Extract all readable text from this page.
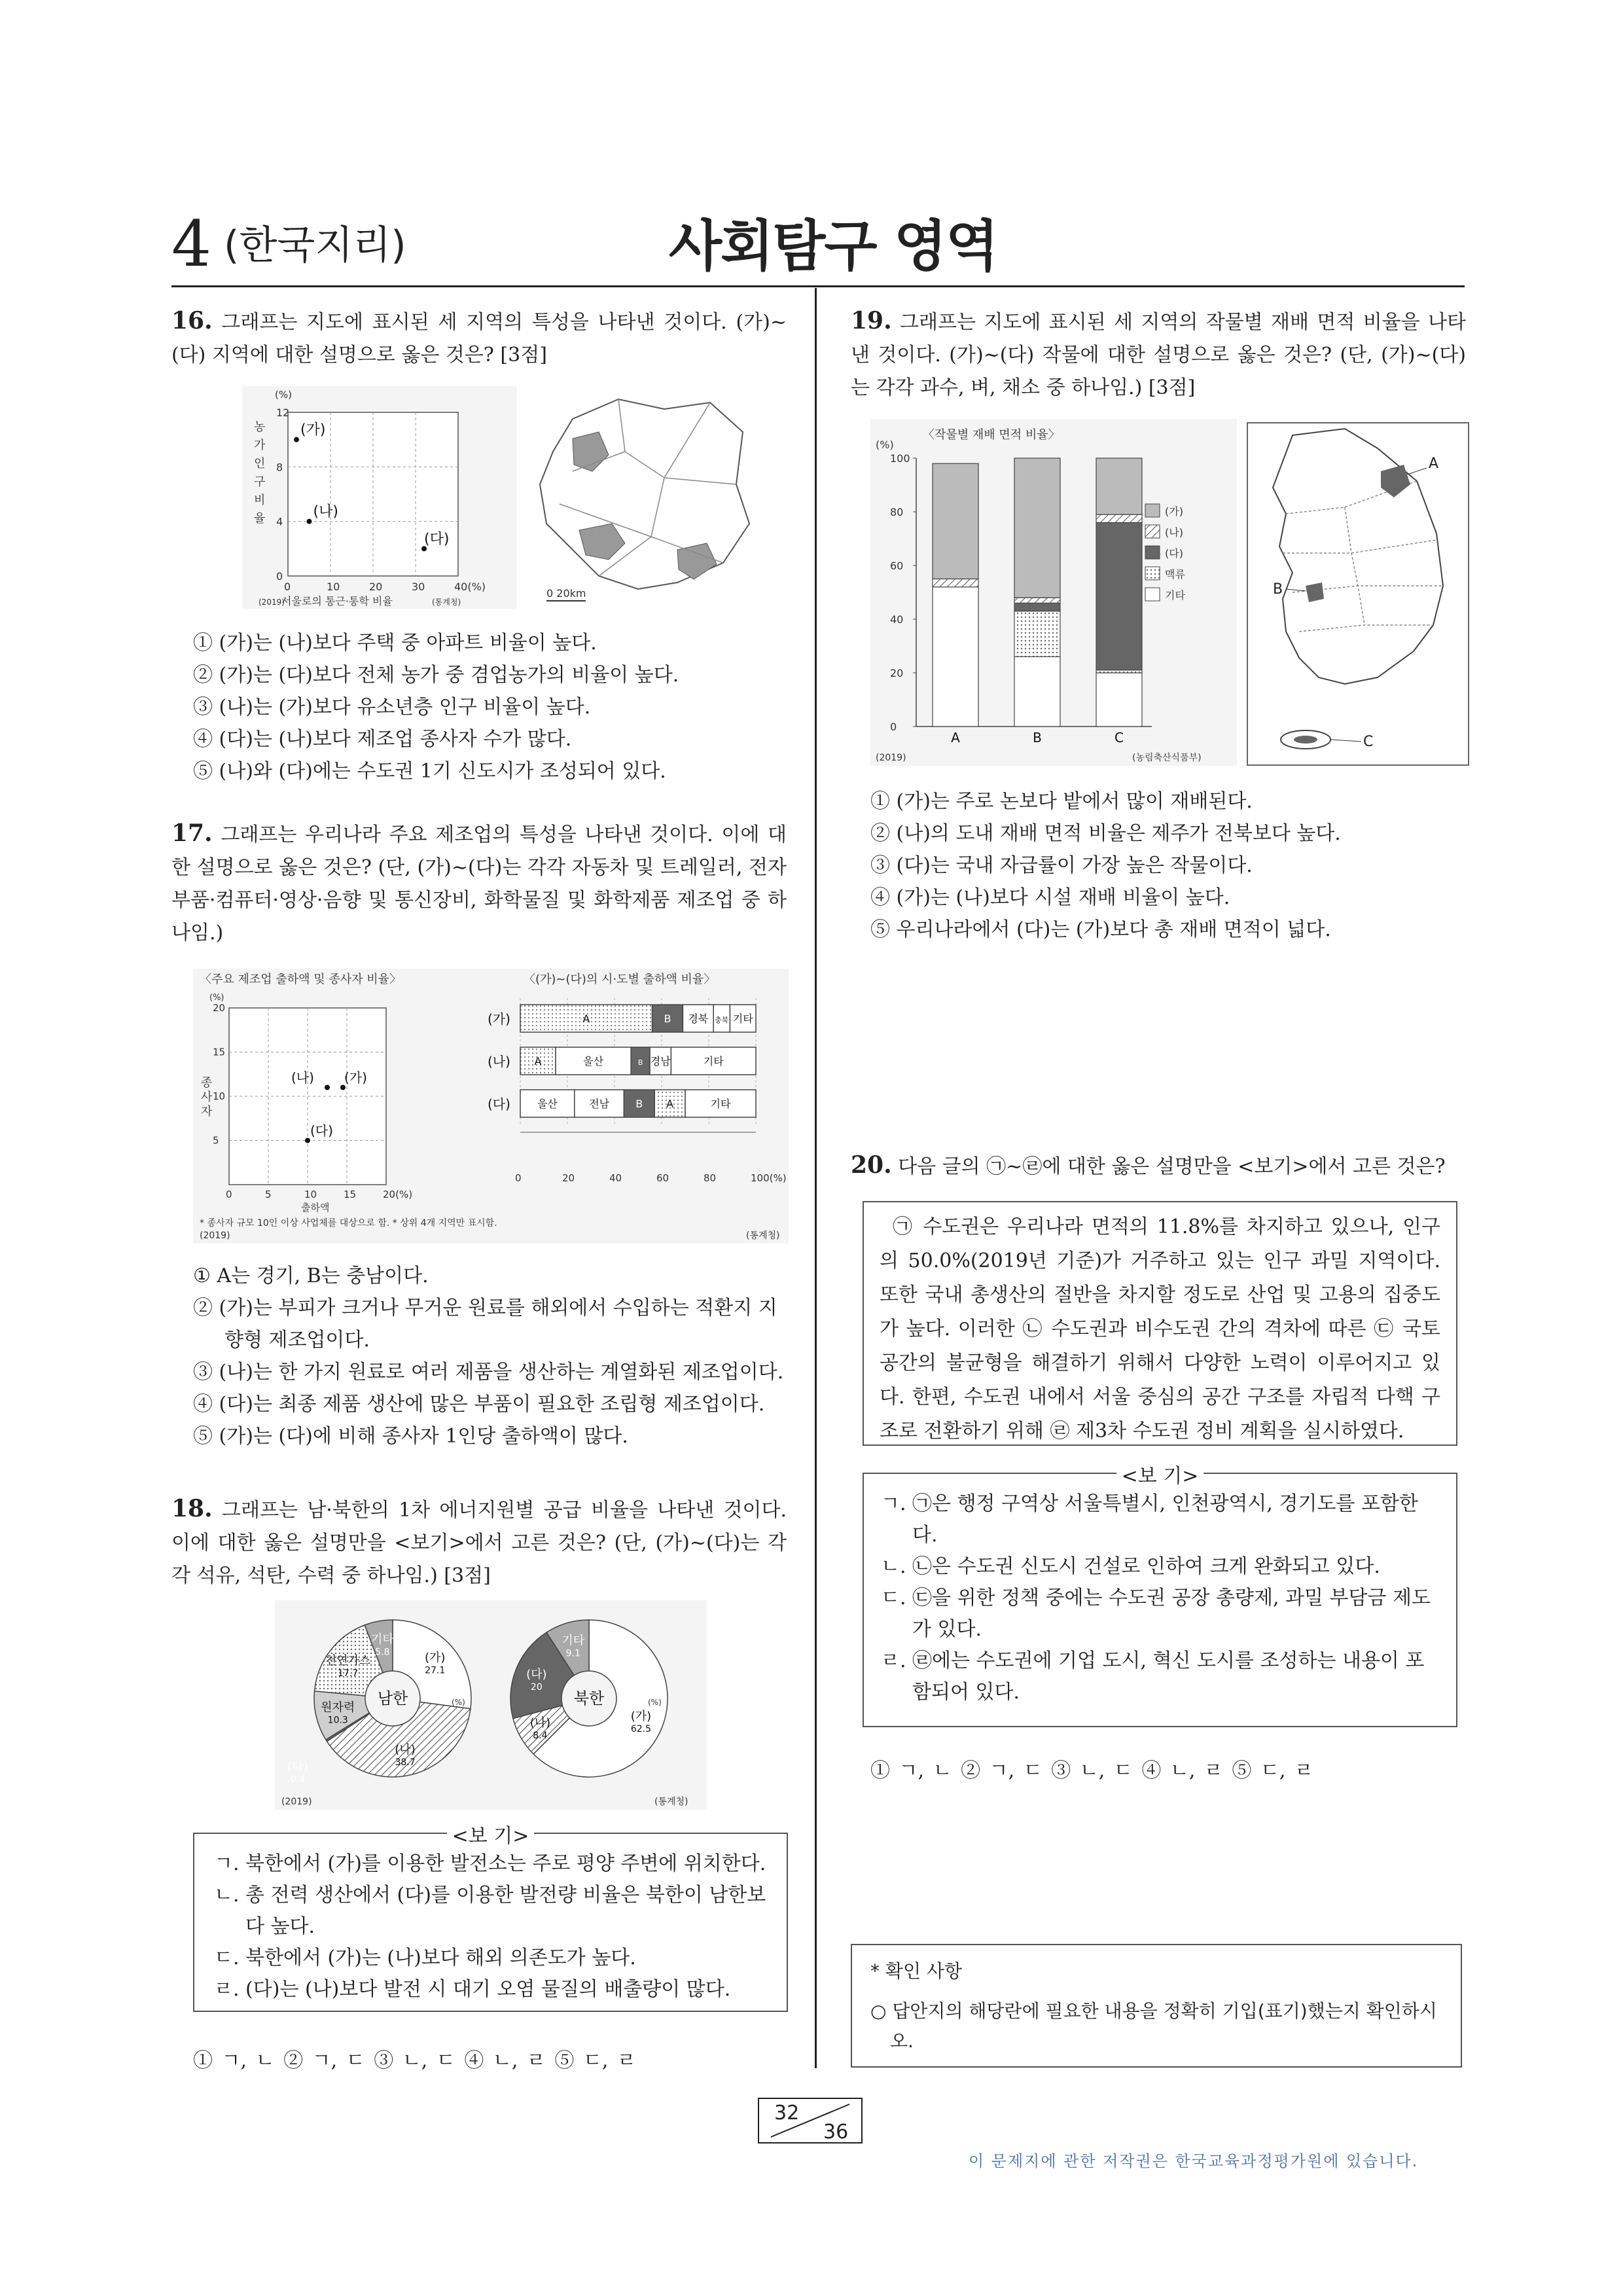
4 (한국지리)	사회탐구 영역
16. 그래프는 지도에 표시된 세 지역의 특성을 나타낸 것이다. (가)~(다) 지역에 대한 설명으로 옳은 것은? [3점]
0	10	20	30	40(%)
0
4
8
12
(%)
농
가
인
구
비
율
서울로의 통근·통학 비율
(2019)	(통계청)
(가)
(나)
(다)
0 20km
① (가)는 (나)보다 주택 중 아파트 비율이 높다.
② (가)는 (다)보다 전체 농가 중 겸업농가의 비율이 높다.
③ (나)는 (가)보다 유소년층 인구 비율이 높다.
④ (다)는 (나)보다 제조업 종사자 수가 많다.
⑤ (나)와 (다)에는 수도권 1기 신도시가 조성되어 있다.
17. 그래프는 우리나라 주요 제조업의 특성을 나타낸 것이다. 이에 대한 설명으로 옳은 것은? (단, (가)~(다)는 각각 자동차 및 트레일러, 전자 부품·컴퓨터·영상·음향 및 통신장비, 화학물질 및 화학제품 제조업 중 하나임.)
〈주요 제조업 출하액 및 종사자 비율〉	〈(가)~(다)의 시·도별 출하액 비율〉
0	5	10	15	20(%)
5
10
15
20
(%)
종
사
자
출하액
(나) (가)
(다)
0	20	40	60	80	100(%)
(가)	A	B 경북 충북 기타
(나) A	울산	B 경남	기타
(다)	울산	전남	B A	기타
* 종사자 규모 10인 이상 사업체를 대상으로 함. * 상위 4개 지역만 표시함.
(2019)	(통계청)
① A는 경기, B는 충남이다.
② (가)는 부피가 크거나 무거운 원료를 해외에서 수입하는 적환지 지향형 제조업이다.
③ (나)는 한 가지 원료로 여러 제품을 생산하는 계열화된 제조업이다.
④ (다)는 최종 제품 생산에 많은 부품이 필요한 조립형 제조업이다.
⑤ (가)는 (다)에 비해 종사자 1인당 출하액이 많다.
18. 그래프는 남·북한의 1차 에너지원별 공급 비율을 나타낸 것이다. 이에 대한 옳은 설명만을 <보기>에서 고른 것은? (단, (가)~(다)는 각각 석유, 석탄, 수력 중 하나임.) [3점]
(가)
27.1
(나)
38.7
(다)
0.4
원자력
10.3
천연가스
17.7
기타
5.8
남한	(%)
(가)
62.5
(나)
8.4
(다)
20
기타
9.1
북한	(%)
(2019)	(통계청)
<보 기>
ㄱ. 북한에서 (가)를 이용한 발전소는 주로 평양 주변에 위치한다.
ㄴ. 총 전력 생산에서 (다)를 이용한 발전량 비율은 북한이 남한보다 높다.
ㄷ. 북한에서 (가)는 (나)보다 해외 의존도가 높다.
ㄹ. (다)는 (나)보다 발전 시 대기 오염 물질의 배출량이 많다.
① ㄱ, ㄴ ② ㄱ, ㄷ ③ ㄴ, ㄷ ④ ㄴ, ㄹ ⑤ ㄷ, ㄹ
19. 그래프는 지도에 표시된 세 지역의 작물별 재배 면적 비율을 나타낸 것이다. (가)~(다) 작물에 대한 설명으로 옳은 것은? (단, (가)~(다)는 각각 과수, 벼, 채소 중 하나임.) [3점]
〈작물별 재배 면적 비율〉
(%)
0
20
40
60
80
100
A	B	C
(가)
(나)
(다)
맥류
기타
(2019)	(농림축산식품부)
A
B
C
① (가)는 주로 논보다 밭에서 많이 재배된다.
② (나)의 도내 재배 면적 비율은 제주가 전북보다 높다.
③ (다)는 국내 자급률이 가장 높은 작물이다.
④ (가)는 (나)보다 시설 재배 비율이 높다.
⑤ 우리나라에서 (다)는 (가)보다 총 재배 면적이 넓다.
20. 다음 글의 ㉠~㉣에 대한 옳은 설명만을 <보기>에서 고른 것은?
㉠ 수도권은 우리나라 면적의 11.8%를 차지하고 있으나, 인구의 50.0%(2019년 기준)가 거주하고 있는 인구 과밀 지역이다. 또한 국내 총생산의 절반을 차지할 정도로 산업 및 고용의 집중도가 높다. 이러한 ㉡ 수도권과 비수도권 간의 격차에 따른 ㉢ 국토 공간의 불균형을 해결하기 위해서 다양한 노력이 이루어지고 있다. 한편, 수도권 내에서 서울 중심의 공간 구조를 자립적 다핵 구조로 전환하기 위해 ㉣ 제3차 수도권 정비 계획을 실시하였다.
<보 기>
ㄱ. ㉠은 행정 구역상 서울특별시, 인천광역시, 경기도를 포함한다.
ㄴ. ㉡은 수도권 신도시 건설로 인하여 크게 완화되고 있다.
ㄷ. ㉢을 위한 정책 중에는 수도권 공장 총량제, 과밀 부담금 제도가 있다.
ㄹ. ㉣에는 수도권에 기업 도시, 혁신 도시를 조성하는 내용이 포함되어 있다.
① ㄱ, ㄴ ② ㄱ, ㄷ ③ ㄴ, ㄷ ④ ㄴ, ㄹ ⑤ ㄷ, ㄹ
* 확인 사항
○ 답안지의 해당란에 필요한 내용을 정확히 기입(표기)했는지 확인하시오.
32
36
이 문제지에 관한 저작권은 한국교육과정평가원에 있습니다.
